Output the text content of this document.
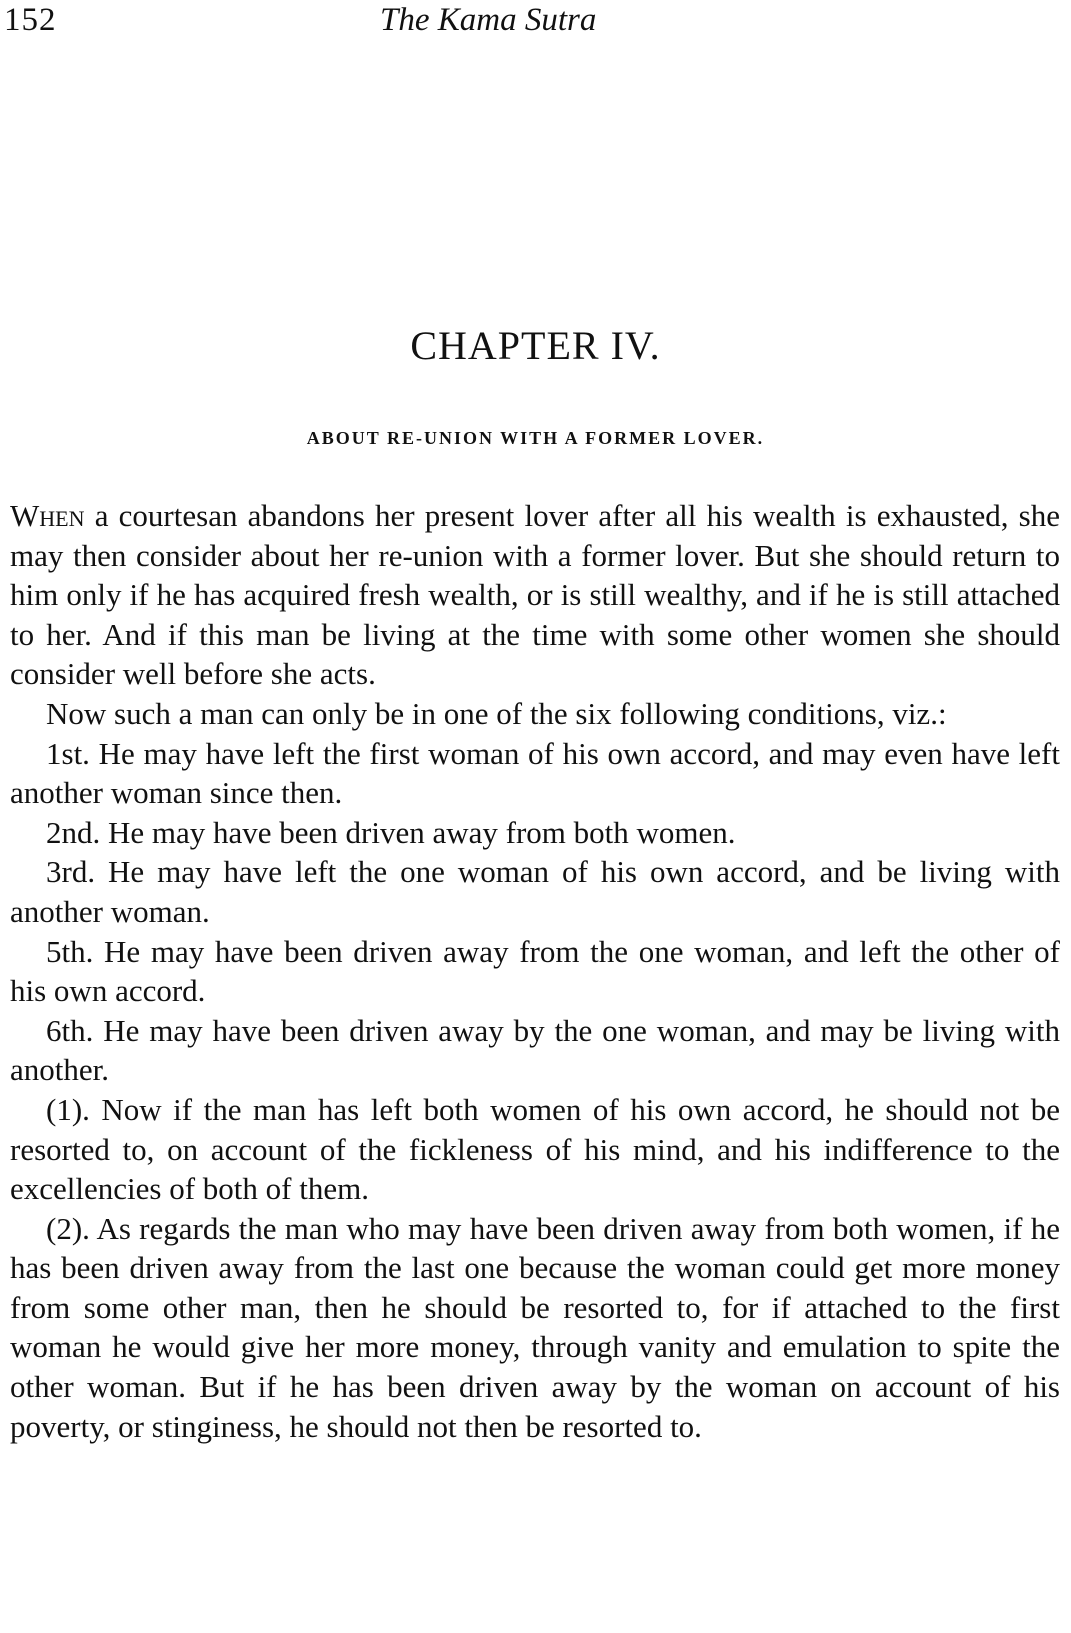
152	The Kama Sutra
CHAPTER IV.
ABOUT RE-UNION WITH A FORMER LOVER.

When a courtesan abandons her present lover after all his wealth is exhausted, she may then consider about her re-union with a former lover. But she should return to him only if he has acquired fresh wealth, or is still wealthy, and if he is still attached to her. And if this man be living at the time with some other women she should consider well before she acts.

Now such a man can only be in one of the six following conditions, viz.:

1st. He may have left the first woman of his own accord, and may even have left another woman since then.

2nd. He may have been driven away from both women.

3rd. He may have left the one woman of his own accord, and be living with another woman.

5th. He may have been driven away from the one woman, and left the other of his own accord.

6th. He may have been driven away by the one woman, and may be living with another.

(1). Now if the man has left both women of his own accord, he should not be resorted to, on account of the fickleness of his mind, and his indifference to the excellencies of both of them.

(2). As regards the man who may have been driven away from both women, if he has been driven away from the last one because the woman could get more money from some other man, then he should be resorted to, for if attached to the first woman he would give her more money, through vanity and emulation to spite the other woman. But if he has been driven away by the woman on account of his poverty, or stinginess, he should not then be resorted to.
